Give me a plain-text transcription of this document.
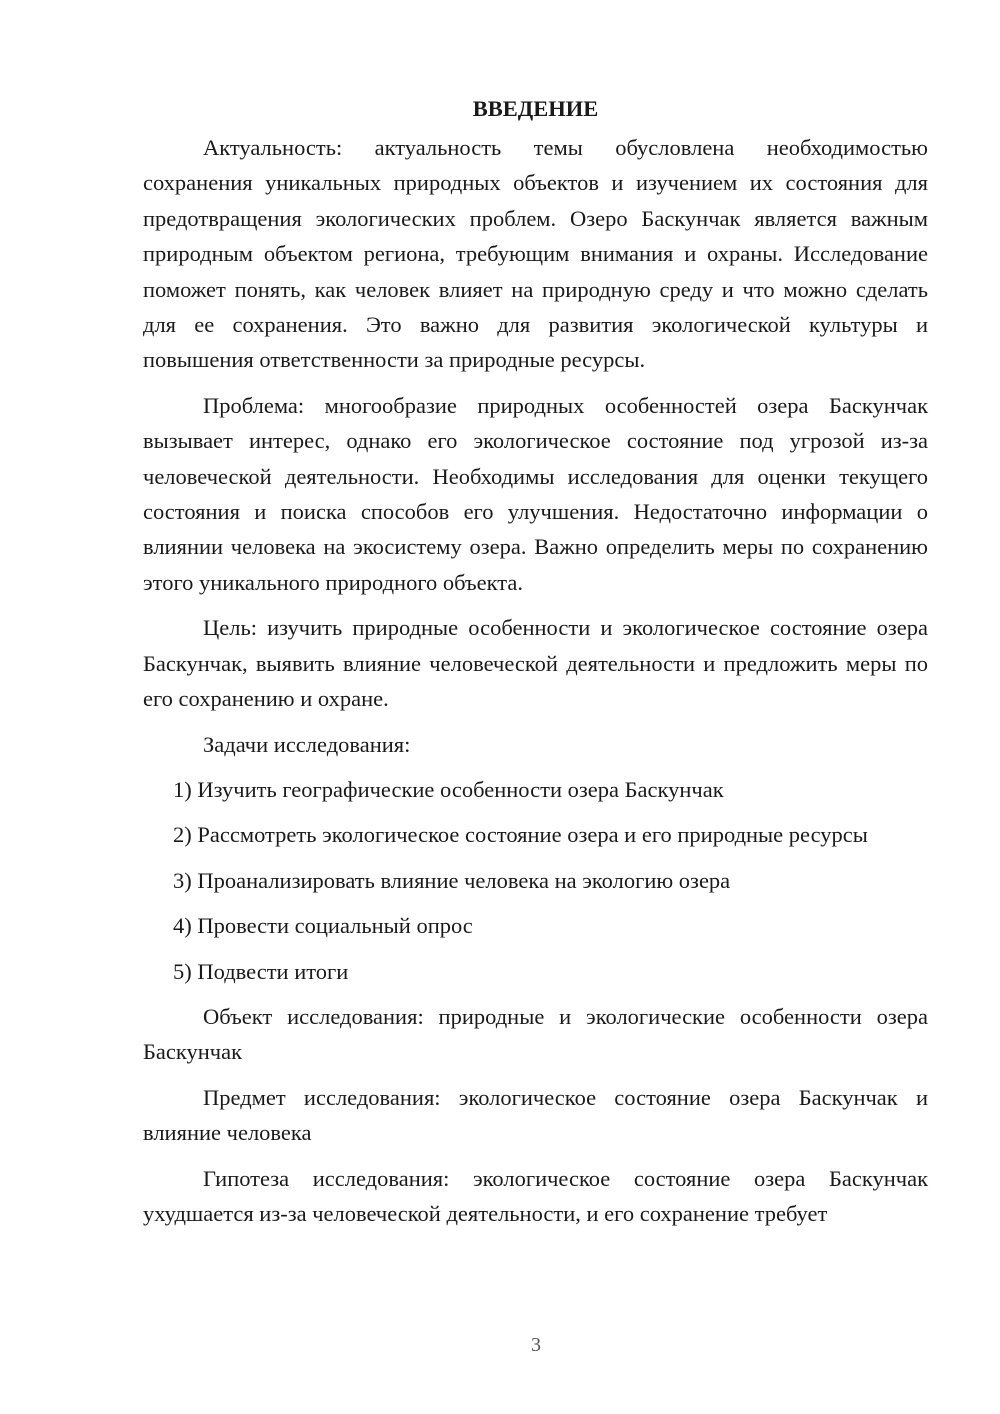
ВВЕДЕНИЕ

Актуальность: актуальность темы обусловлена необходимостью сохранения уникальных природных объектов и изучением их состояния для предотвращения экологических проблем. Озеро Баскунчак является важным природным объектом региона, требующим внимания и охраны. Исследование поможет понять, как человек влияет на природную среду и что можно сделать для ее сохранения. Это важно для развития экологической культуры и повышения ответственности за природные ресурсы.

Проблема: многообразие природных особенностей озера Баскунчак вызывает интерес, однако его экологическое состояние под угрозой из-за человеческой деятельности. Необходимы исследования для оценки текущего состояния и поиска способов его улучшения. Недостаточно информации о влиянии человека на экосистему озера. Важно определить меры по сохранению этого уникального природного объекта.

Цель: изучить природные особенности и экологическое состояние озера Баскунчак, выявить влияние человеческой деятельности и предложить меры по его сохранению и охране.

Задачи исследования:

1) Изучить географические особенности озера Баскунчак

2) Рассмотреть экологическое состояние озера и его природные ресурсы

3) Проанализировать влияние человека на экологию озера

4) Провести социальный опрос

5) Подвести итоги

Объект исследования: природные и экологические особенности озера Баскунчак

Предмет исследования: экологическое состояние озера Баскунчак и влияние человека

Гипотеза исследования: экологическое состояние озера Баскунчак ухудшается из-за человеческой деятельности, и его сохранение требует

3
